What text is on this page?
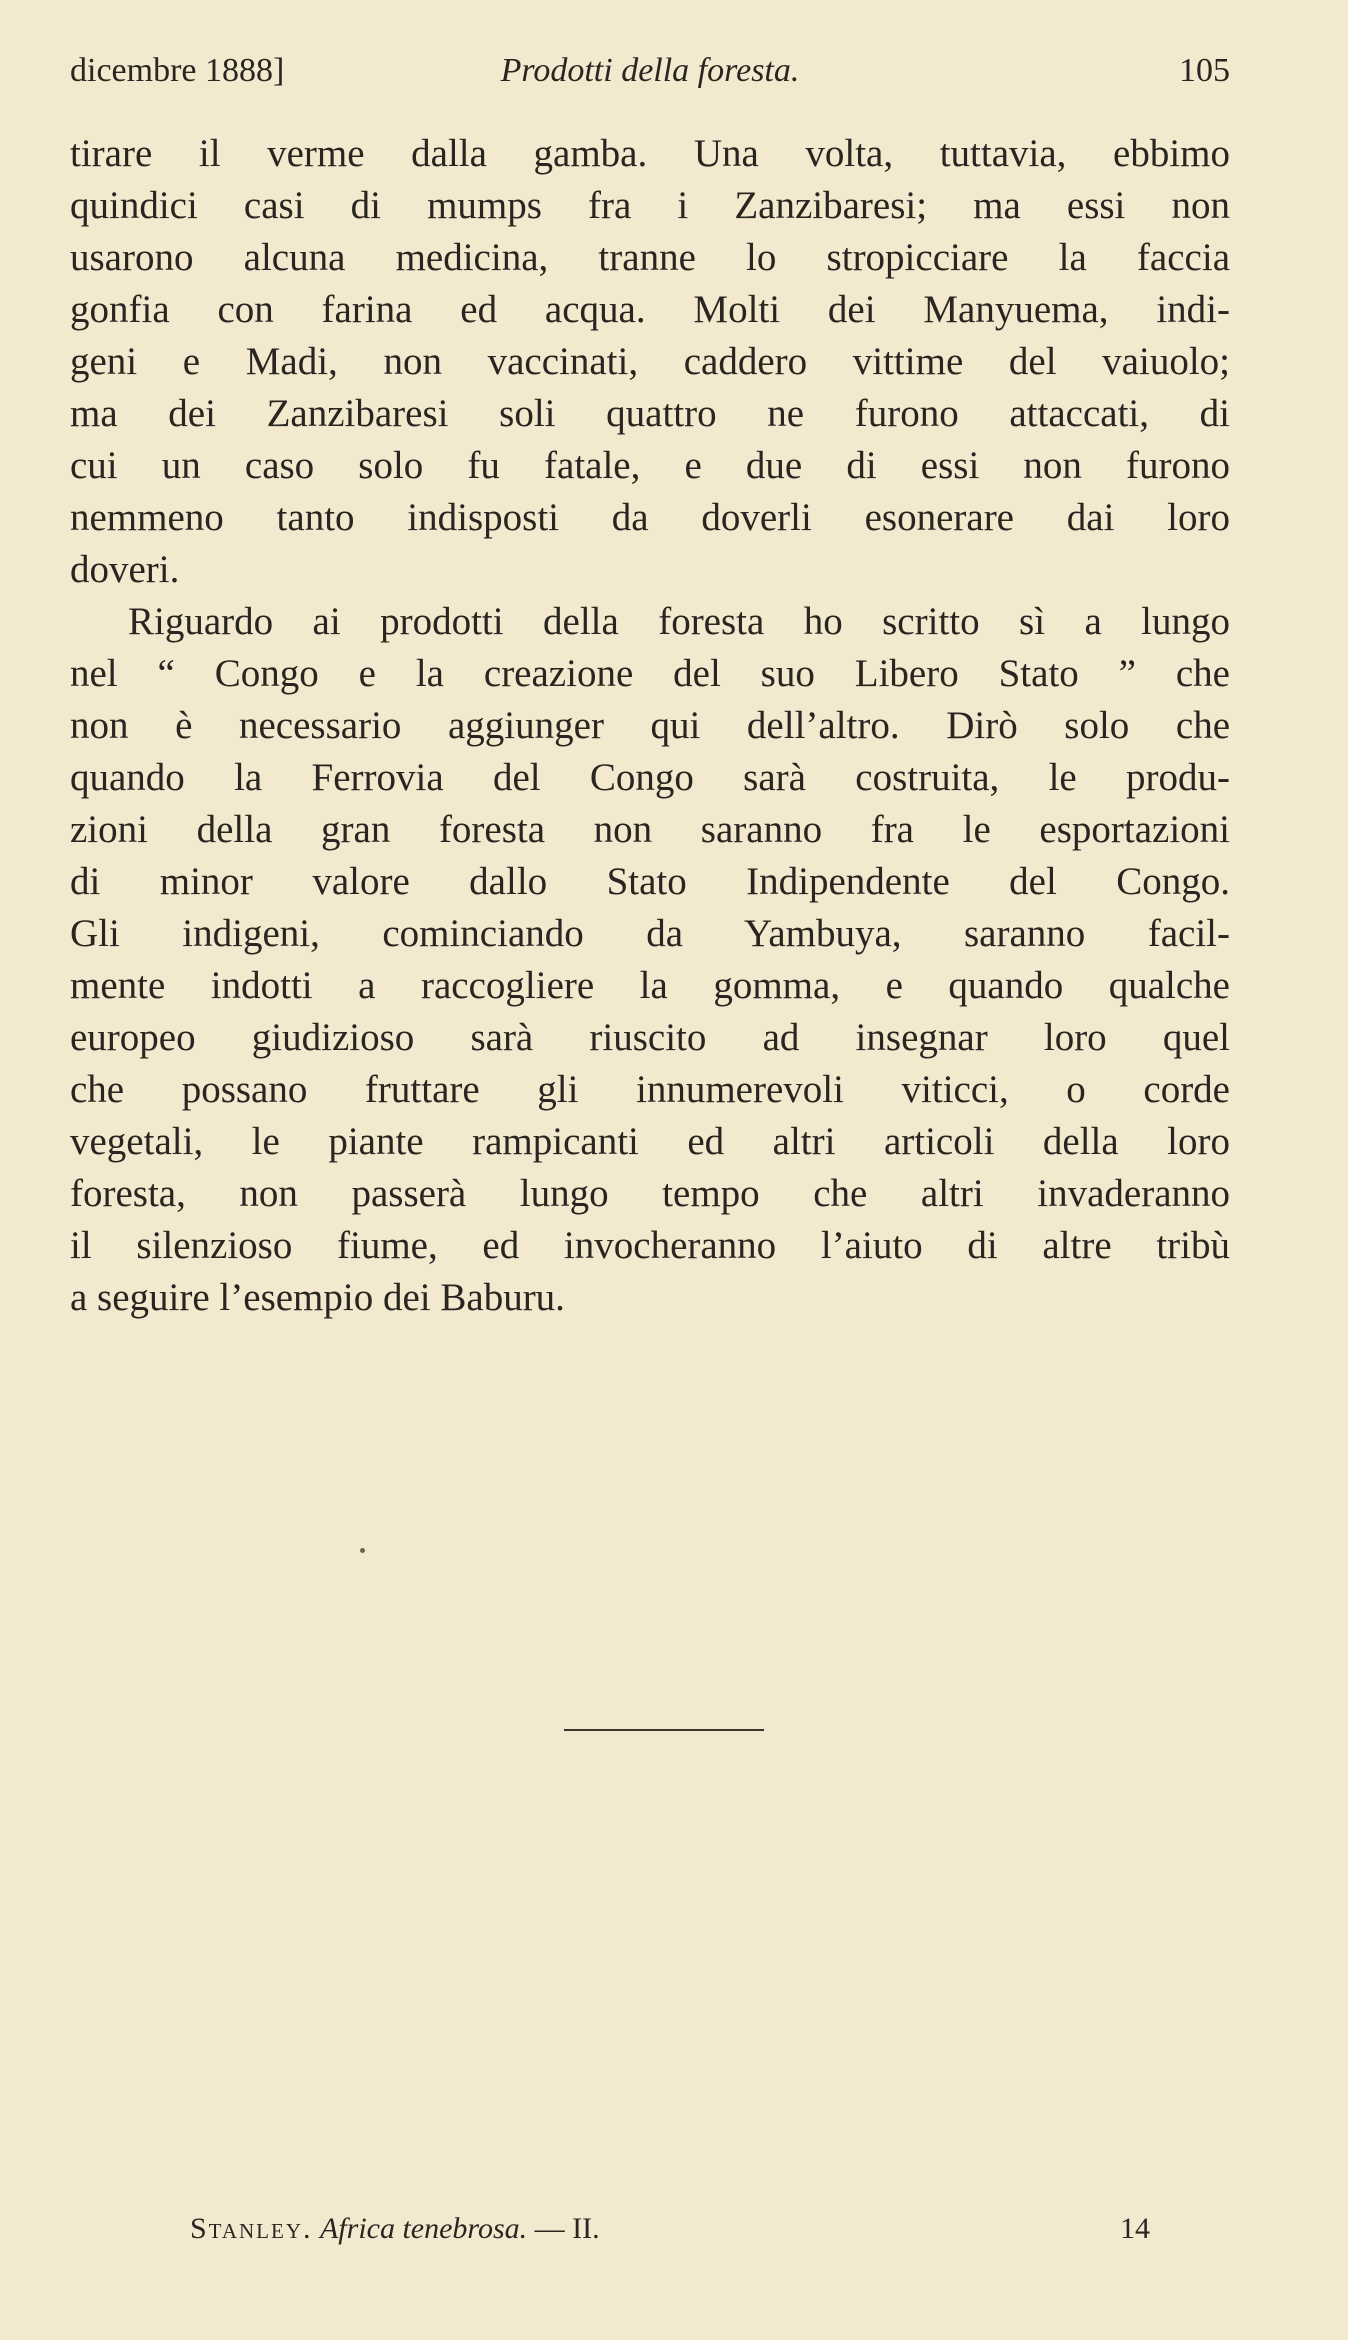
dicembre 1888]	Prodotti della foresta.	105
tirare il verme dalla gamba. Una volta, tuttavia, ebbimo
quindici casi di mumps fra i Zanzibaresi; ma essi non
usarono alcuna medicina, tranne lo stropicciare la faccia
gonfia con farina ed acqua. Molti dei Manyuema, indi-
geni e Madi, non vaccinati, caddero vittime del vaiuolo;
ma dei Zanzibaresi soli quattro ne furono attaccati, di
cui un caso solo fu fatale, e due di essi non furono
nemmeno tanto indisposti da doverli esonerare dai loro
doveri.
Riguardo ai prodotti della foresta ho scritto sì a lungo
nel “ Congo e la creazione del suo Libero Stato ” che
non è necessario aggiunger qui dell’altro. Dirò solo che
quando la Ferrovia del Congo sarà costruita, le produ-
zioni della gran foresta non saranno fra le esportazioni
di minor valore dallo Stato Indipendente del Congo.
Gli indigeni, cominciando da Yambuya, saranno facil-
mente indotti a raccogliere la gomma, e quando qualche
europeo giudizioso sarà riuscito ad insegnar loro quel
che possano fruttare gli innumerevoli viticci, o corde
vegetali, le piante rampicanti ed altri articoli della loro
foresta, non passerà lungo tempo che altri invaderanno
il silenzioso fiume, ed invocheranno l’aiuto di altre tribù
a seguire l’esempio dei Baburu.
Stanley. Africa tenebrosa. — II.	14
